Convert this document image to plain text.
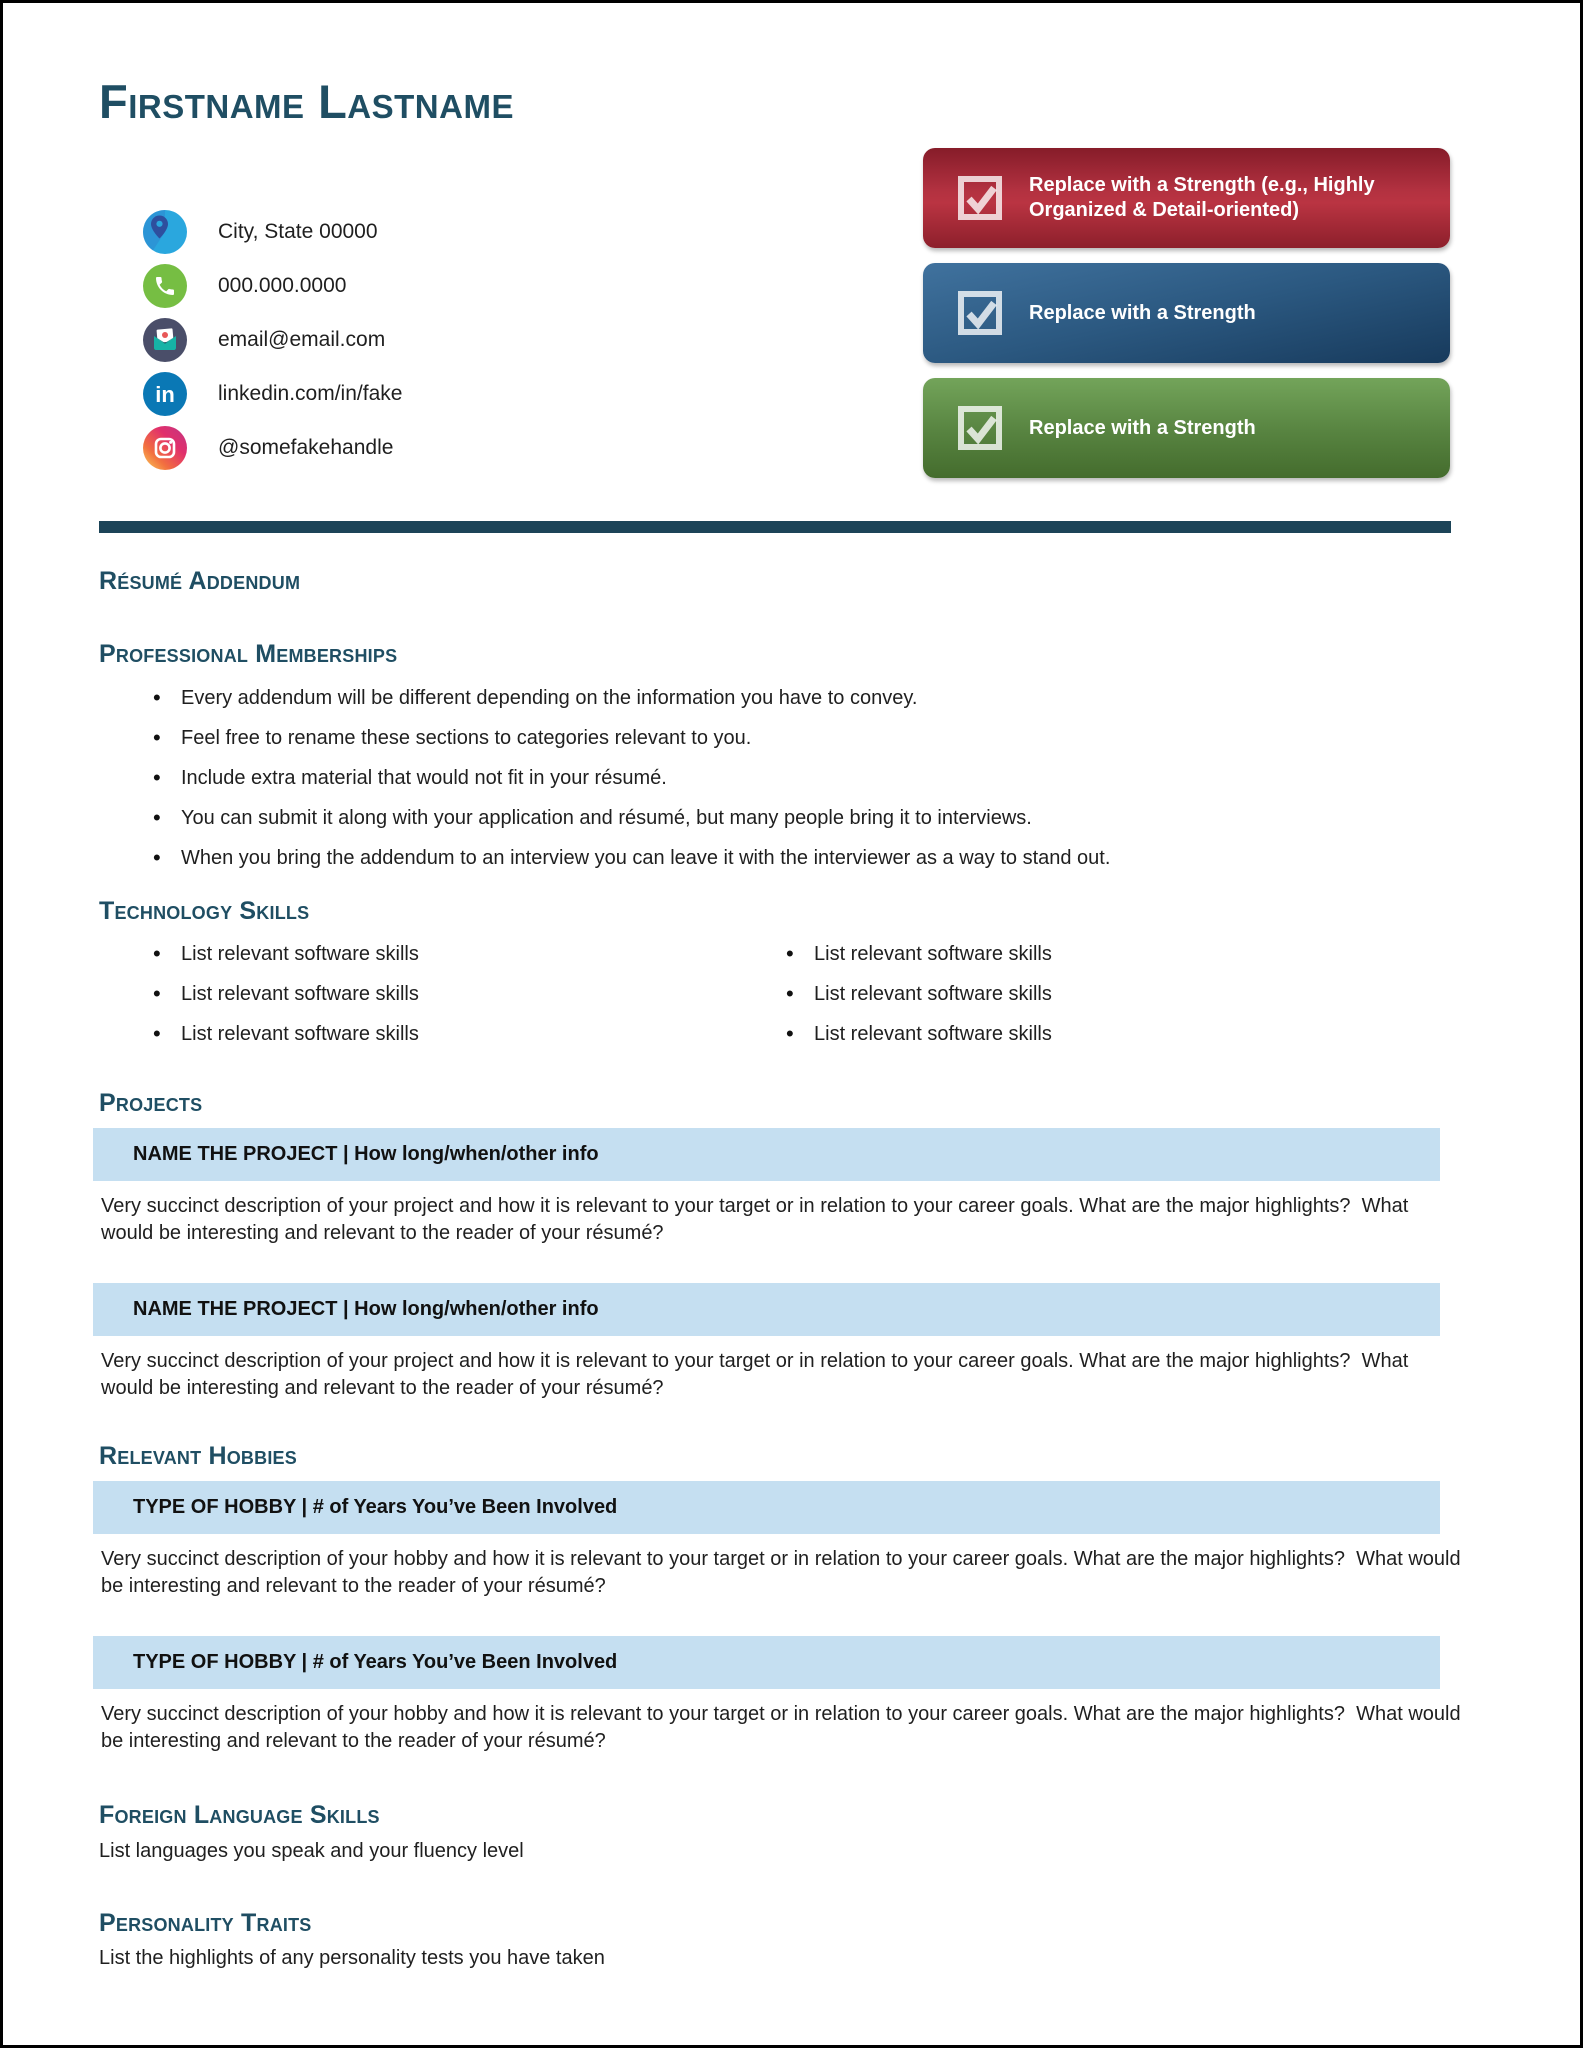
Firstname Lastname
City, State 00000
000.000.0000
email@email.com
in linkedin.com/in/fake
@somefakehandle
Replace with a Strength (e.g., Highly Organized & Detail-oriented)
Replace with a Strength
Replace with a Strength
Résumé Addendum
Professional Memberships
• Every addendum will be different depending on the information you have to convey.
• Feel free to rename these sections to categories relevant to you.
• Include extra material that would not fit in your résumé.
• You can submit it along with your application and résumé, but many people bring it to interviews.
• When you bring the addendum to an interview you can leave it with the interviewer as a way to stand out.
Technology Skills
• List relevant software skills
• List relevant software skills
• List relevant software skills
• List relevant software skills
• List relevant software skills
• List relevant software skills
Projects
NAME THE PROJECT | How long/when/other info

Very succinct description of your project and how it is relevant to your target or in relation to your career goals. What are the major highlights?  What would be interesting and relevant to the reader of your résumé?

NAME THE PROJECT | How long/when/other info

Very succinct description of your project and how it is relevant to your target or in relation to your career goals. What are the major highlights?  What would be interesting and relevant to the reader of your résumé?

Relevant Hobbies
TYPE OF HOBBY | # of Years You’ve Been Involved

Very succinct description of your hobby and how it is relevant to your target or in relation to your career goals. What are the major highlights?  What would be interesting and relevant to the reader of your résumé?

TYPE OF HOBBY | # of Years You’ve Been Involved

Very succinct description of your hobby and how it is relevant to your target or in relation to your career goals. What are the major highlights?  What would be interesting and relevant to the reader of your résumé?

Foreign Language Skills

List languages you speak and your fluency level

Personality Traits

List the highlights of any personality tests you have taken
